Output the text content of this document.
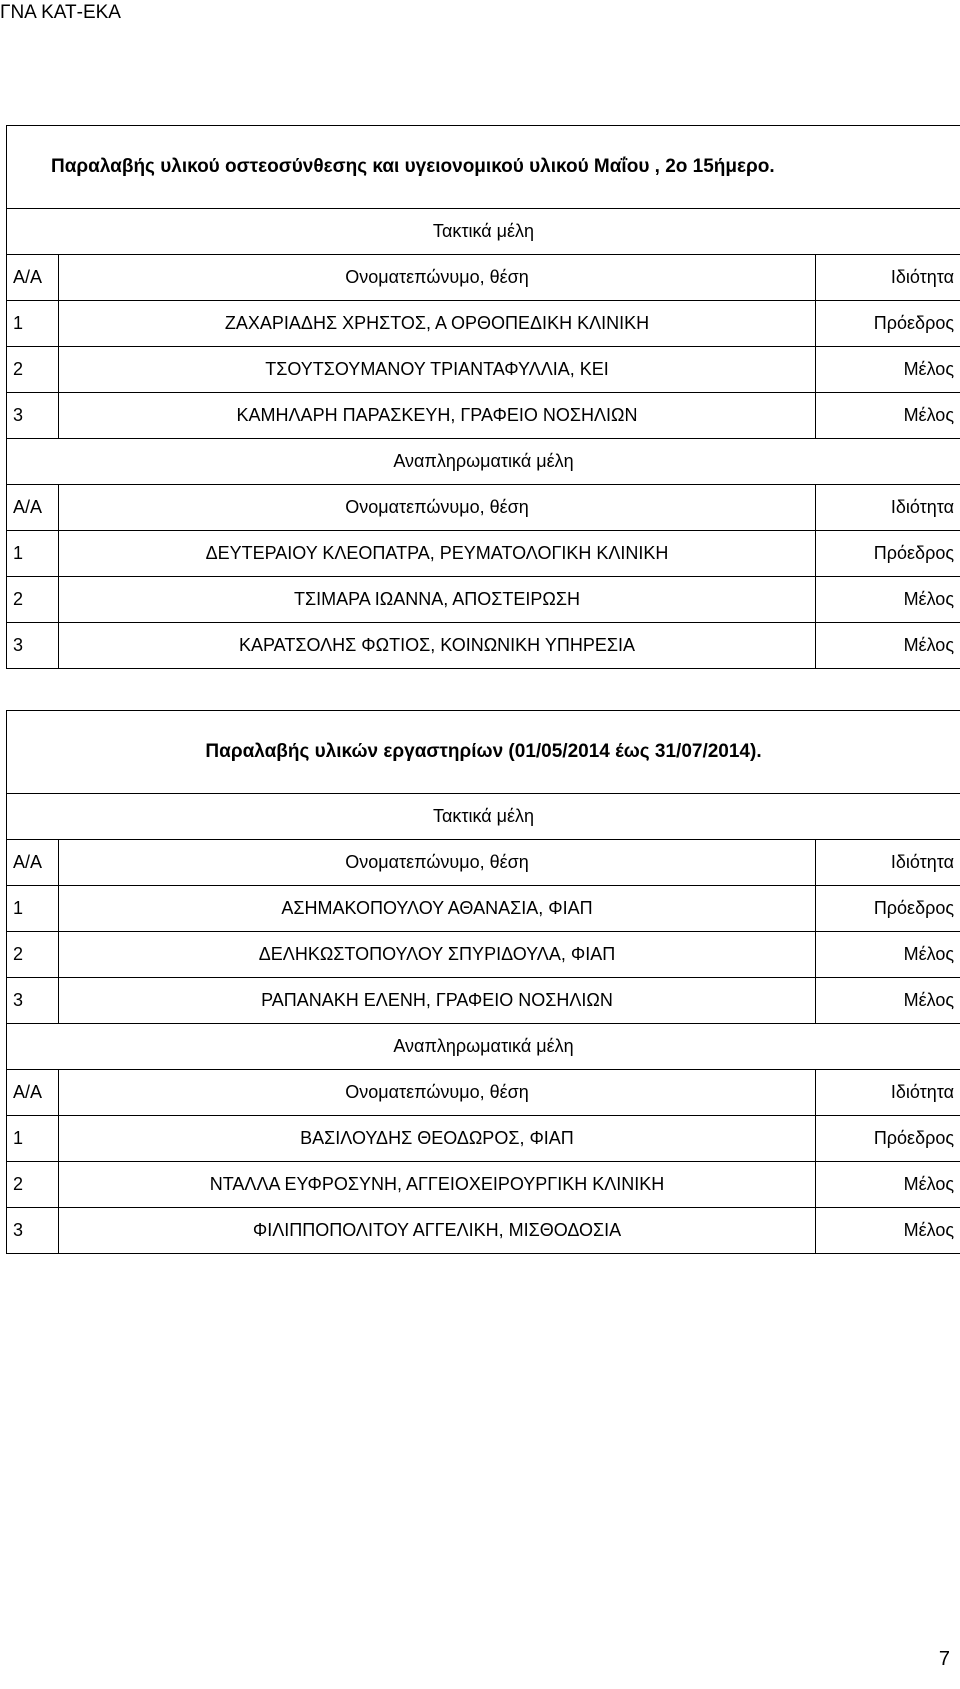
ΓΝΑ ΚΑΤ-ΕΚΑ
Παραλαβής υλικού οστεοσύνθεσης και υγειονομικού υλικού Μαΐου , 2ο 15ήμερο.		
Τακτικά μέλη		
Α/Α	Ονοματεπώνυμο, θέση	Ιδιότητα
1	ΖΑΧΑΡΙΑΔΗΣ ΧΡΗΣΤΟΣ, Α ΟΡΘΟΠΕΔΙΚΗ ΚΛΙΝΙΚΗ	Πρόεδρος
2	ΤΣΟΥΤΣΟΥΜΑΝΟΥ ΤΡΙΑΝΤΑΦΥΛΛΙΑ, ΚΕΙ	Μέλος
3	ΚΑΜΗΛΑΡΗ ΠΑΡΑΣΚΕΥΗ, ΓΡΑΦΕΙΟ ΝΟΣΗΛΙΩΝ	Μέλος
Αναπληρωματικά μέλη		
Α/Α	Ονοματεπώνυμο, θέση	Ιδιότητα
1	ΔΕΥΤΕΡΑΙΟΥ ΚΛΕΟΠΑΤΡΑ, ΡΕΥΜΑΤΟΛΟΓΙΚΗ ΚΛΙΝΙΚΗ	Πρόεδρος
2	ΤΣΙΜΑΡΑ ΙΩΑΝΝΑ, ΑΠΟΣΤΕΙΡΩΣΗ	Μέλος
3	ΚΑΡΑΤΣΟΛΗΣ ΦΩΤΙΟΣ, ΚΟΙΝΩΝΙΚΗ ΥΠΗΡΕΣΙΑ	Μέλος
Παραλαβής υλικών εργαστηρίων (01/05/2014 έως 31/07/2014).		
Τακτικά μέλη		
Α/Α	Ονοματεπώνυμο, θέση	Ιδιότητα
1	ΑΣΗΜΑΚΟΠΟΥΛΟΥ ΑΘΑΝΑΣΙΑ, ΦΙΑΠ	Πρόεδρος
2	ΔΕΛΗΚΩΣΤΟΠΟΥΛΟΥ ΣΠΥΡΙΔΟΥΛΑ, ΦΙΑΠ	Μέλος
3	ΡΑΠΑΝΑΚΗ ΕΛΕΝΗ, ΓΡΑΦΕΙΟ ΝΟΣΗΛΙΩΝ	Μέλος
Αναπληρωματικά μέλη		
Α/Α	Ονοματεπώνυμο, θέση	Ιδιότητα
1	ΒΑΣΙΛΟΥΔΗΣ ΘΕΟΔΩΡΟΣ, ΦΙΑΠ	Πρόεδρος
2	ΝΤΑΛΛΑ ΕΥΦΡΟΣΥΝΗ, ΑΓΓΕΙΟΧΕΙΡΟΥΡΓΙΚΗ ΚΛΙΝΙΚΗ	Μέλος
3	ΦΙΛΙΠΠΟΠΟΛΙΤΟΥ ΑΓΓΕΛΙΚΗ, ΜΙΣΘΟΔΟΣΙΑ	Μέλος
7
